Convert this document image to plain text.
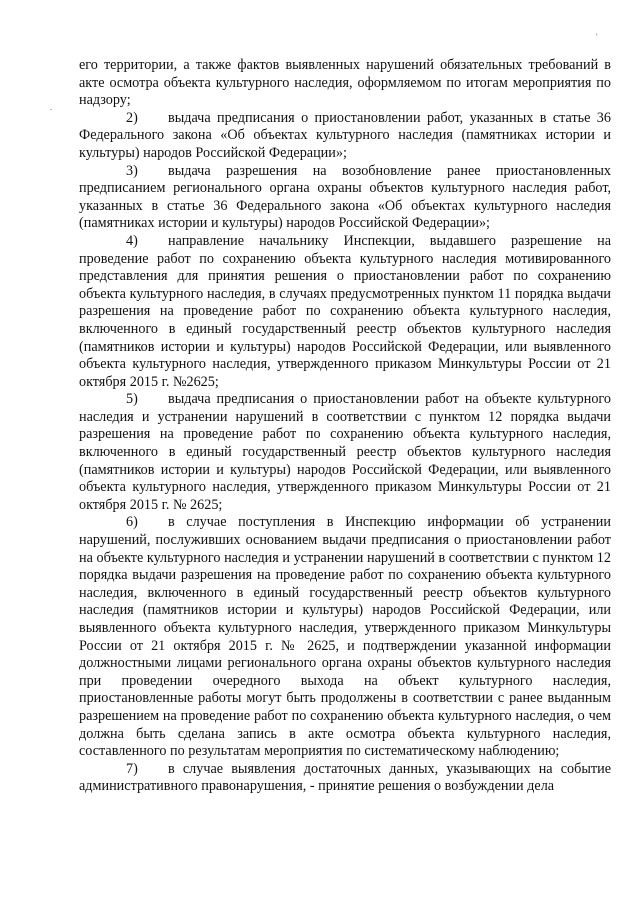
'
.

его территории, а также фактов выявленных нарушений обязательных требований в акте осмотра объекта культурного наследия, оформляемом по итогам мероприятия по надзору;

2) выдача предписания о приостановлении работ, указанных в статье 36 Федерального закона «Об объектах культурного наследия (памятниках истории и культуры) народов Российской Федерации»;

3) выдача разрешения на возобновление ранее приостановленных предписанием регионального органа охраны объектов культурного наследия работ, указанных в статье 36 Федерального закона «Об объектах культурного наследия (памятниках истории и культуры) народов Российской Федерации»;

4) направление начальнику Инспекции, выдавшего разрешение на проведение работ по сохранению объекта культурного наследия мотивированного представления для принятия решения о приостановлении работ по сохранению объекта культурного наследия, в случаях предусмотренных пунктом 11 порядка выдачи разрешения на проведение работ по сохранению объекта культурного наследия, включенного в единый государственный реестр объектов культурного наследия (памятников истории и культуры) народов Российской Федерации, или выявленного объекта культурного наследия, утвержденного приказом Минкультуры России от 21 октября 2015 г. №2625;

5) выдача предписания о приостановлении работ на объекте культурного наследия и устранении нарушений в соответствии с пунктом 12 порядка выдачи разрешения на проведение работ по сохранению объекта культурного наследия, включенного в единый государственный реестр объектов культурного наследия (памятников истории и культуры) народов Российской Федерации, или выявленного объекта культурного наследия, утвержденного приказом Минкультуры России от 21 октября 2015 г. № 2625;

6) в случае поступления в Инспекцию информации об устранении нарушений, послуживших основанием выдачи предписания о приостановлении работ на объекте культурного наследия и устранении нарушений в соответствии с пунктом 12 порядка выдачи разрешения на проведение работ по сохранению объекта культурного наследия, включенного в единый государственный реестр объектов культурного наследия (памятников истории и культуры) народов Российской Федерации, или выявленного объекта культурного наследия, утвержденного приказом Минкультуры России от 21 октября 2015 г. № 2625, и подтверждении указанной информации должностными лицами регионального органа охраны объектов культурного наследия при проведении очередного выхода на объект культурного наследия, приостановленные работы могут быть продолжены в соответствии с ранее выданным разрешением на проведение работ по сохранению объекта культурного наследия, о чем должна быть сделана запись в акте осмотра объекта культурного наследия, составленного по результатам мероприятия по систематическому наблюдению;

7) в случае выявления достаточных данных, указывающих на событие административного правонарушения, - принятие решения о возбуждении дела
